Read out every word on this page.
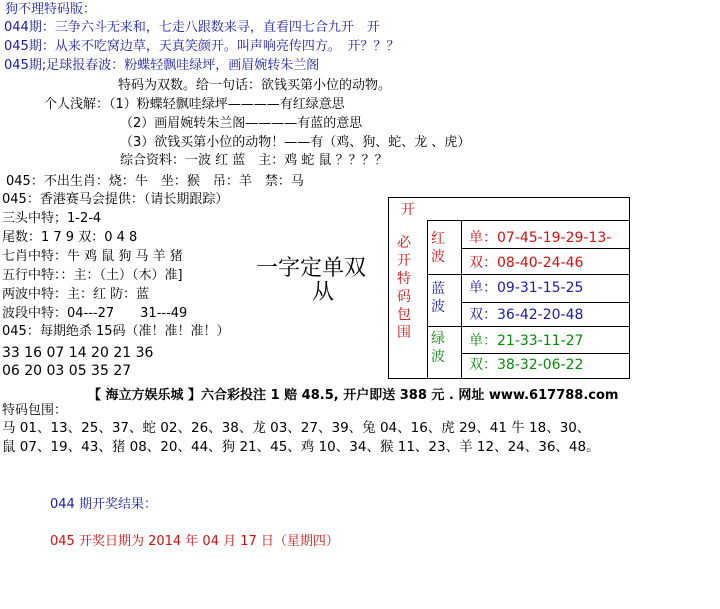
狗不理特码版：
044期：三争六斗无来和，七走八跟数来寻，直看四七合九开　开
045期：从来不吃窝边草，天真笑颜开。叫声响亮传四方。　开？？？
045期;足球报春波：粉蝶轻飘哇绿坪，画眉婉转朱兰阁
特码为双数。给一句话：欲钱买第小位的动物。
个人浅解：（1）粉蝶轻飘哇绿坪————有红绿意思
（2）画眉婉转朱兰阁————有蓝的意思
（3）欲钱买第小位的动物！——有（鸡、狗、蛇、龙 、虎）
综合资料：一波 红 蓝　主：鸡 蛇 鼠 ？？？？
045：不出生肖：烧：牛　坐：猴　吊：羊　禁：马
045：香港赛马会提供：（请长期跟踪）
三头中特；1-2-4
尾数：1 7 9 双：0 4 8
七肖中特：牛 鸡 鼠 狗 马 羊 猪
五行中特：：主：（土）（木）准]
两波中特：主：红 防：蓝
波段中特：04---27　　31---49
045：每期绝杀 15码（准！准！准！）
33 16 07 14 20 21 36
06 20 03 05 35 27
一字定单双
从
开
必开特码包围
红波
单：07-45-19-29-13-
双：08-40-24-46
蓝波
单：09-31-15-25
双：36-42-20-48
绿波
单：21-33-11-27
双：38-32-06-22
【 海立方娱乐城 】六合彩投注 1 赔 48.5, 开户即送 388 元 . 网址 www.617788.com
特码包围：
马 01、13、25、37、蛇 02、26、38、龙 03、27、39、兔 04、16、虎 29、41 牛 18、30、
鼠 07、19、43、猪 08、20、44、狗 21、45、鸡 10、34、猴 11、23、羊 12、24、36、48。
044 期开奖结果：
045 开奖日期为 2014 年 04 月 17 日（星期四）
